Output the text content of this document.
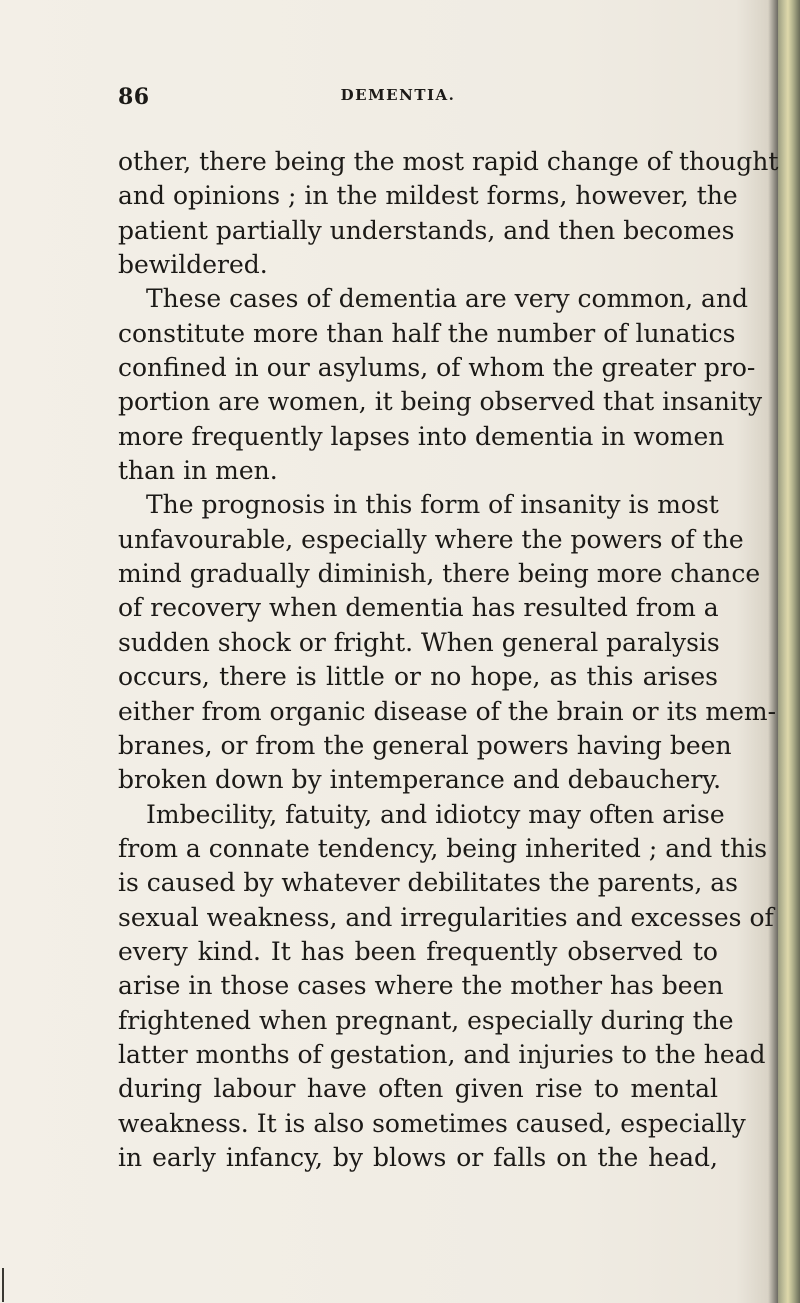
86	DEMENTIA.
other, there being the most rapid change of thought
and opinions ; in the mildest forms, however, the
patient partially understands, and then becomes
bewildered.
These cases of dementia are very common, and
constitute more than half the number of lunatics
confined in our asylums, of whom the greater pro-
portion are women, it being observed that insanity
more frequently lapses into dementia in women
than in men.
The prognosis in this form of insanity is most
unfavourable, especially where the powers of the
mind gradually diminish, there being more chance
of recovery when dementia has resulted from a
sudden shock or fright. When general paralysis
occurs, there is little or no hope, as this arises
either from organic disease of the brain or its mem-
branes, or from the general powers having been
broken down by intemperance and debauchery.
Imbecility, fatuity, and idiotcy may often arise
from a connate tendency, being inherited ; and this
is caused by whatever debilitates the parents, as
sexual weakness, and irregularities and excesses of
every kind. It has been frequently observed to
arise in those cases where the mother has been
frightened when pregnant, especially during the
latter months of gestation, and injuries to the head
during labour have often given rise to mental
weakness. It is also sometimes caused, especially
in early infancy, by blows or falls on the head,
